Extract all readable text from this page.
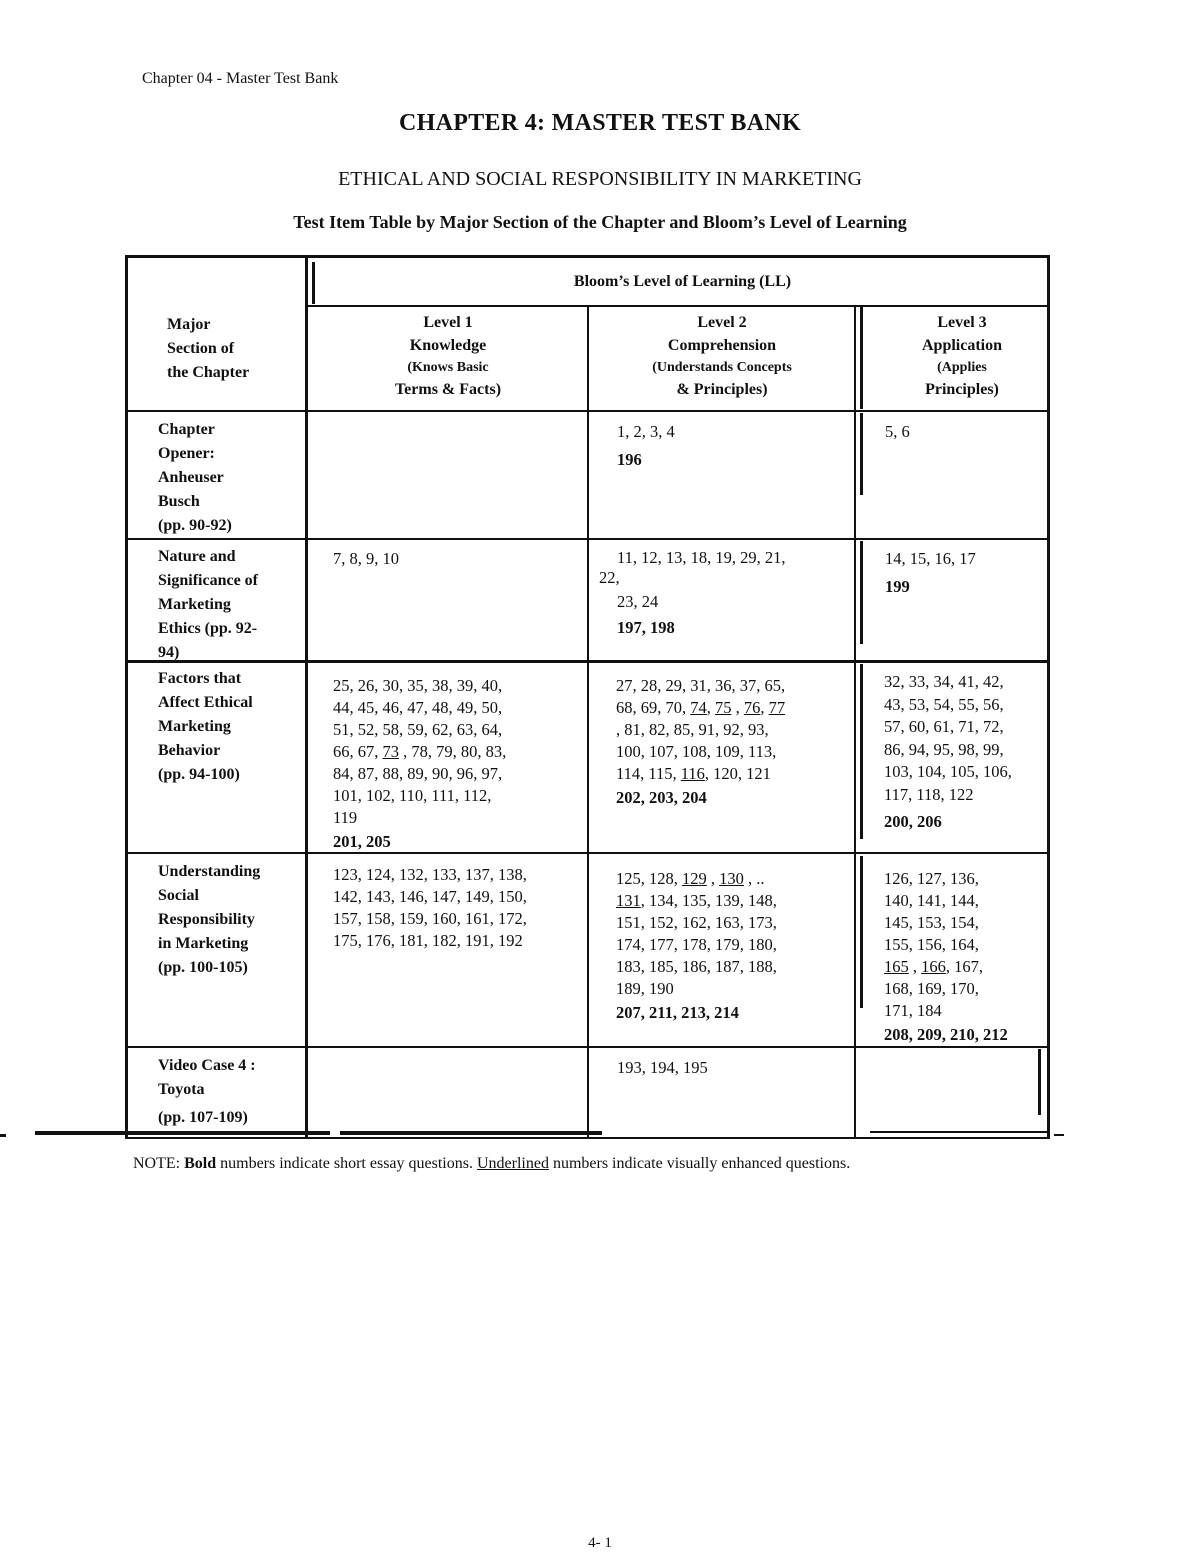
Chapter 04 - Master Test Bank
CHAPTER 4: MASTER TEST BANK
ETHICAL AND SOCIAL RESPONSIBILITY IN MARKETING
Test Item Table by Major Section of the Chapter and Bloom’s Level of Learning
Bloom’s Level of Learning (LL)
Major
Section of
the Chapter
Level 1
Knowledge
(Knows Basic
Terms & Facts)
Level 2
Comprehension
(Understands Concepts
& Principles)
Level 3
Application
(Applies
Principles)
Chapter
Opener:
Anheuser
Busch
(pp. 90-92)
1, 2, 3, 4
196
5, 6
Nature and
Significance of
Marketing
Ethics (pp. 92-
94)
7, 8, 9, 10	11, 12, 13, 18, 19, 29, 21,
22,
23, 24
197, 198
14, 15, 16, 17
199
Factors that
Affect Ethical
Marketing
Behavior
(pp. 94-100)
25, 26, 30, 35, 38, 39, 40,
44, 45, 46, 47, 48, 49, 50,
51, 52, 58, 59, 62, 63, 64,
66, 67, 73 , 78, 79, 80, 83,
84, 87, 88, 89, 90, 96, 97,
101, 102, 110, 111, 112,
119
201, 205
27, 28, 29, 31, 36, 37, 65,
68, 69, 70, 74, 75 , 76, 77
, 81, 82, 85, 91, 92, 93,
100, 107, 108, 109, 113,
114, 115, 116, 120, 121
202, 203, 204
32, 33, 34, 41, 42,
43, 53, 54, 55, 56,
57, 60, 61, 71, 72,
86, 94, 95, 98, 99,
103, 104, 105, 106,
117, 118, 122
200, 206
Understanding
Social
Responsibility
in Marketing
(pp. 100-105)
123, 124, 132, 133, 137, 138,
142, 143, 146, 147, 149, 150,
157, 158, 159, 160, 161, 172,
175, 176, 181, 182, 191, 192
125, 128, 129 , 130 , ..
131, 134, 135, 139, 148,
151, 152, 162, 163, 173,
174, 177, 178, 179, 180,
183, 185, 186, 187, 188,
189, 190
207, 211, 213, 214
126, 127, 136,
140, 141, 144,
145, 153, 154,
155, 156, 164,
165 , 166, 167,
168, 169, 170,
171, 184
208, 209, 210, 212
Video Case 4 :
Toyota
(pp. 107-109)
193, 194, 195
NOTE: Bold numbers indicate short essay questions. Underlined numbers indicate visually enhanced questions.
4- 1
